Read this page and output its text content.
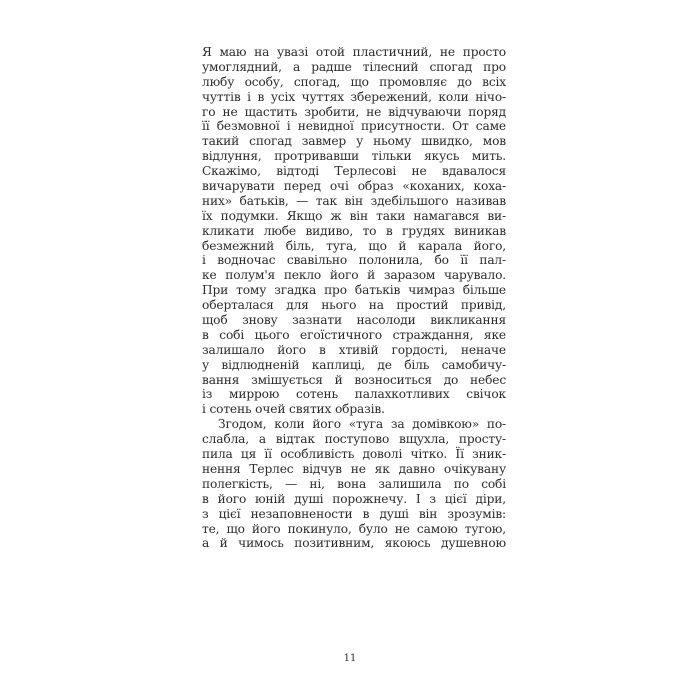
Я маю на увазі отой пластичний, не просто
умоглядний, а радше тілесний спогад про
любу особу, спогад, що промовляє до всіх
чуттів і в усіх чуттях збережений, коли нічо-
го не щастить зробити, не відчуваючи поряд
її безмовної і невидної присутности. От саме
такий спогад завмер у ньому швидко, мов
відлуння, протривавши тільки якусь мить.
Скажімо, відтоді Терлесові не вдавалося
вичарувати перед очі образ «коханих, коха-
них» батьків, — так він здебільшого називав
їх подумки. Якщо ж він таки намагався ви-
кликати любе видиво, то в грудях виникав
безмежний біль, туга, що й карала його,
і водночас свавільно полонила, бо її пал-
ке полум'я пекло його й заразом чарувало.
При тому згадка про батьків чимраз більше
оберталася для нього на простий привід,
щоб знову зазнати насолоди викликання
в собі цього егоїстичного страждання, яке
залишало його в хтивій гордості, неначе
у відлюдненій каплиці, де біль самобичу-
вання змішується й возноситься до небес
із миррою сотень палахкотливих свічок
і сотень очей святих образів.
Згодом, коли його «туга за домівкою» по-
слабла, а відтак поступово вщухла, просту-
пила ця її особливість доволі чітко. Її зник-
нення Терлес відчув не як давно очікувану
полегкість, — ні, вона залишила по собі
в його юній душі порожнечу. І з цієї діри,
з цієї незаповнености в душі він зрозумів:
те, що його покинуло, було не самою тугою,
а й чимось позитивним, якоюсь душевною
11
